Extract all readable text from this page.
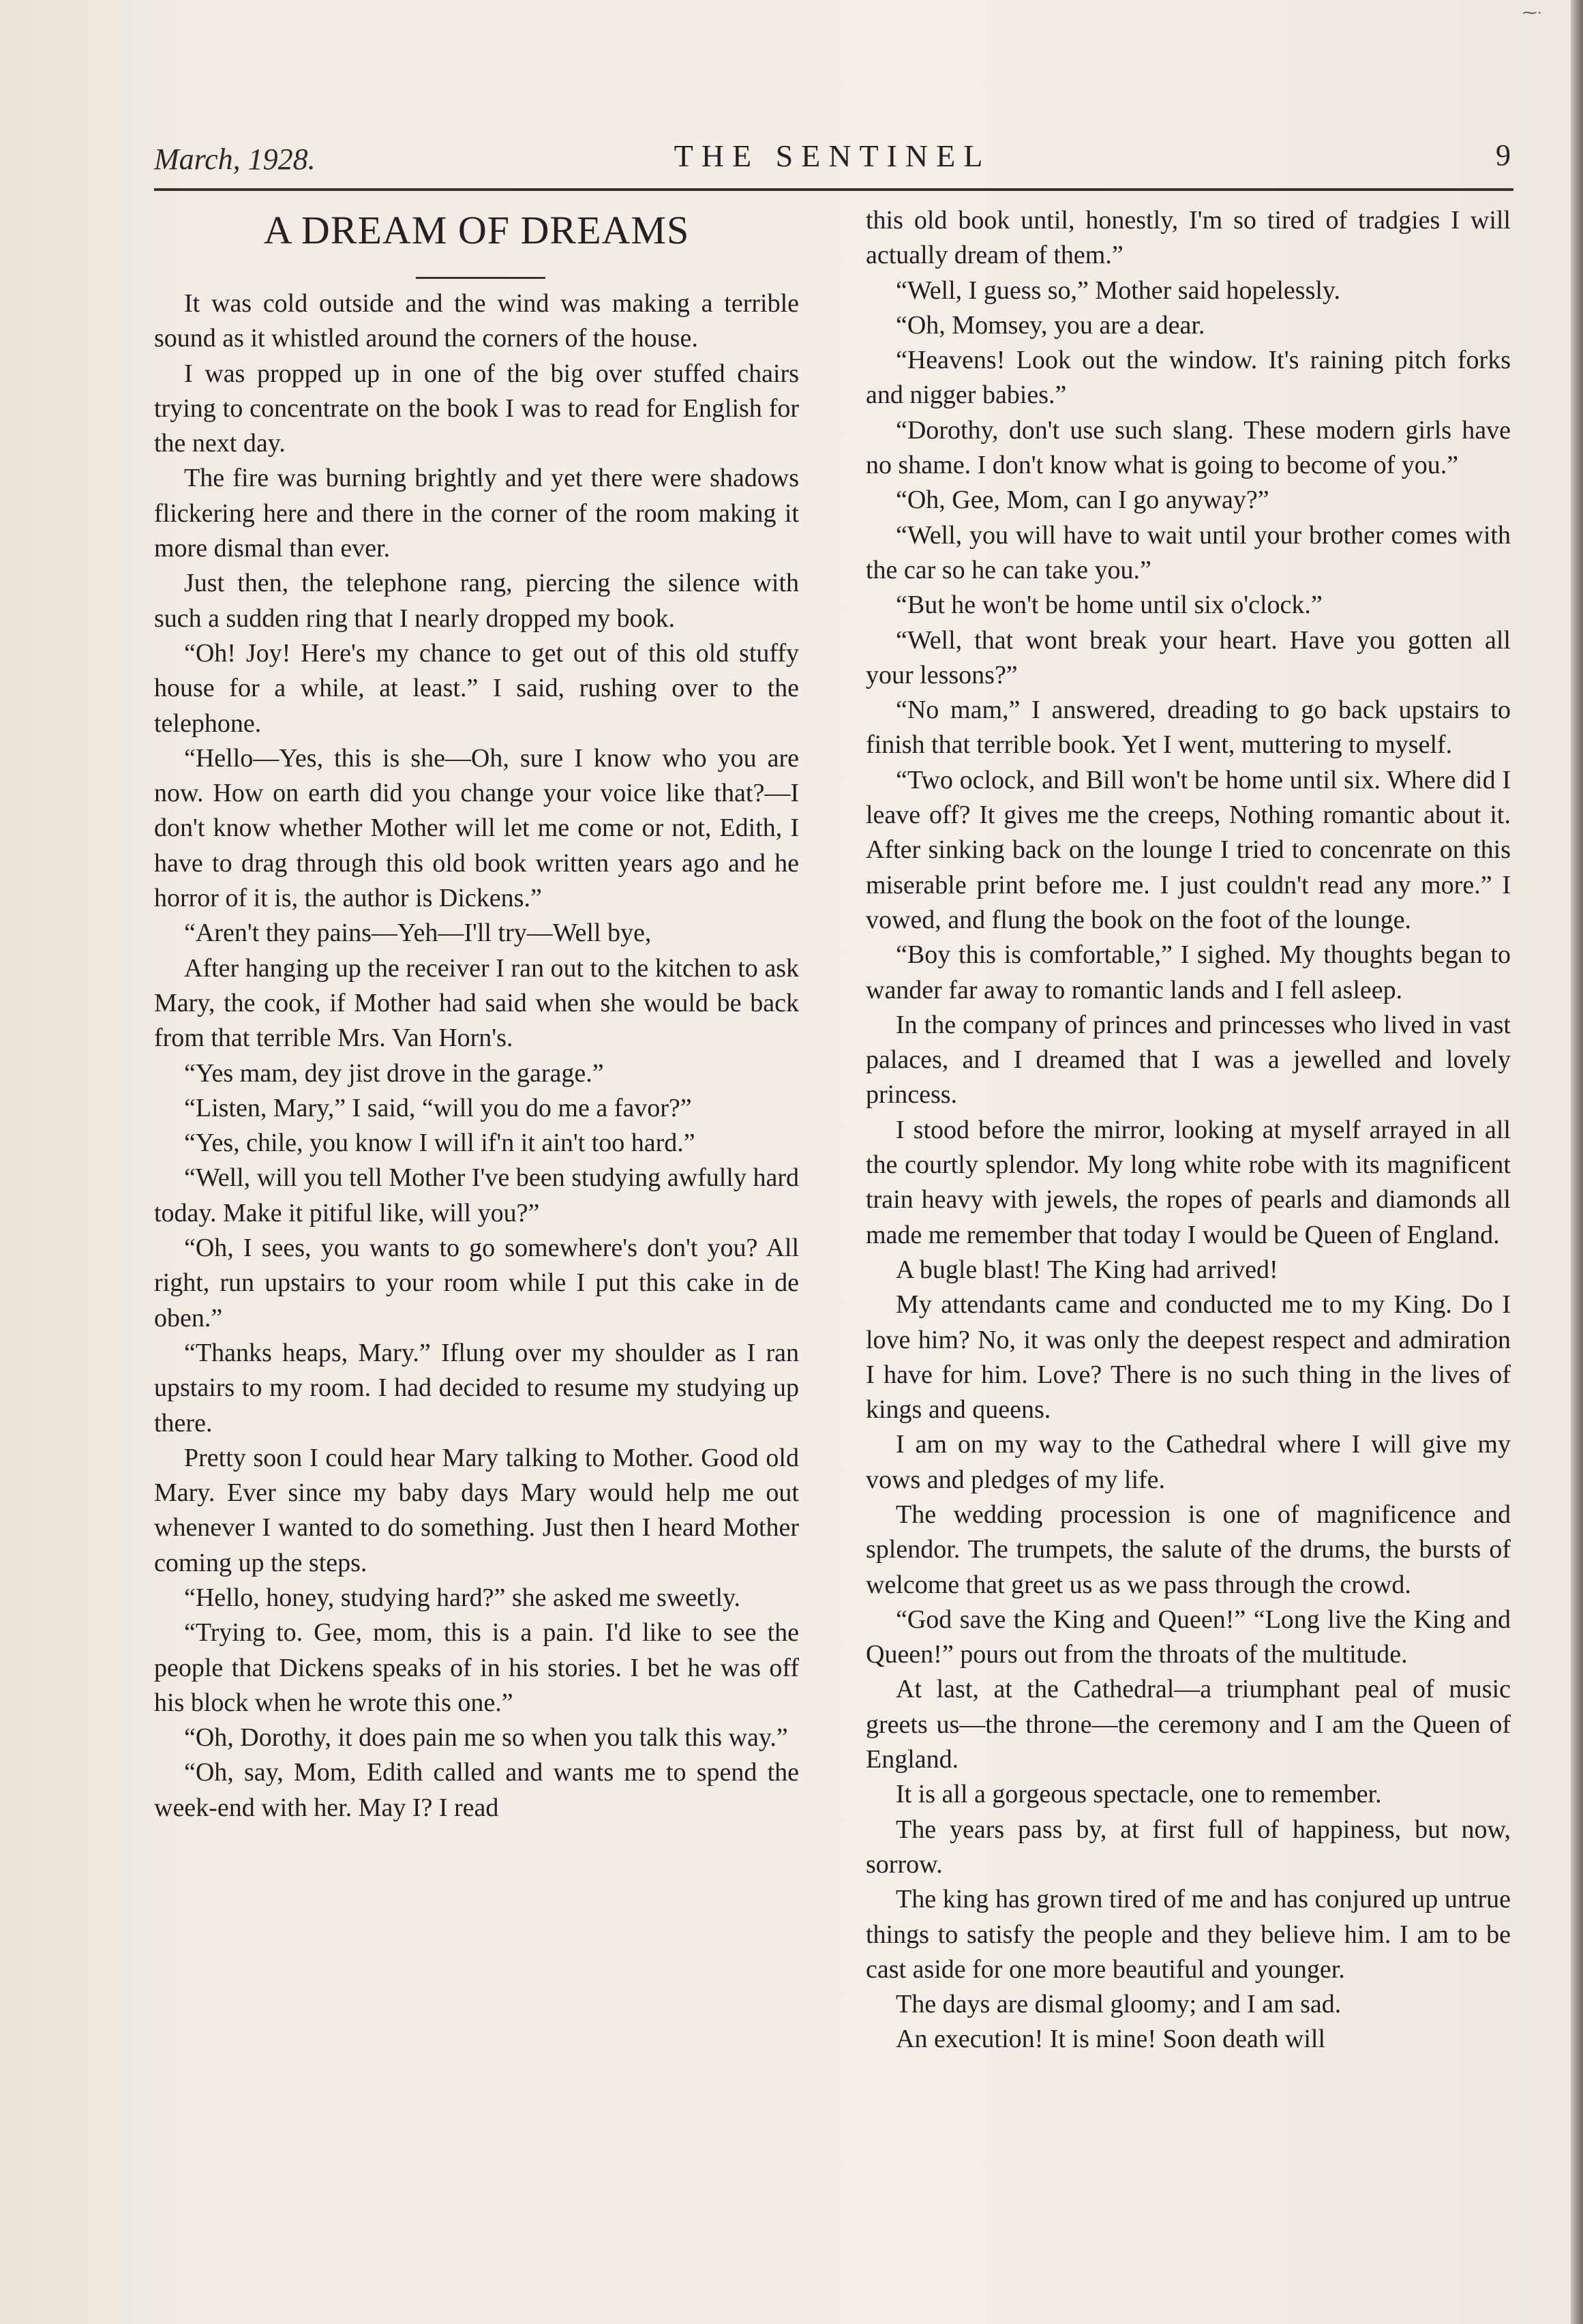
⁓·
March, 1928.	THE SENTINEL	9
A DREAM OF DREAMS

It was cold outside and the wind was making a terrible sound as it whistled around the corners of the house.

I was propped up in one of the big over stuffed chairs trying to concentrate on the book I was to read for English for the next day.

The fire was burning brightly and yet there were shadows flickering here and there in the corner of the room making it more dismal than ever.

Just then, the telephone rang, piercing the silence with such a sudden ring that I nearly dropped my book.

“Oh! Joy! Here's my chance to get out of this old stuffy house for a while, at least.” I said, rushing over to the telephone.

“Hello—Yes, this is she—Oh, sure I know who you are now. How on earth did you change your voice like that?—I don't know whether Mother will let me come or not, Edith, I have to drag through this old book written years ago and he horror of it is, the author is Dickens.”

“Aren't they pains—Yeh—I'll try—Well bye,

After hanging up the receiver I ran out to the kitchen to ask Mary, the cook, if Mother had said when she would be back from that terrible Mrs. Van Horn's.

“Yes mam, dey jist drove in the garage.”

“Listen, Mary,” I said, “will you do me a favor?”

“Yes, chile, you know I will if'n it ain't too hard.”

“Well, will you tell Mother I've been studying awfully hard today. Make it pitiful like, will you?”

“Oh, I sees, you wants to go somewhere's don't you? All right, run upstairs to your room while I put this cake in de oben.”

“Thanks heaps, Mary.” Iflung over my shoulder as I ran upstairs to my room. I had decided to resume my studying up there.

Pretty soon I could hear Mary talking to Mother. Good old Mary. Ever since my baby days Mary would help me out whenever I wanted to do something. Just then I heard Mother coming up the steps.

“Hello, honey, studying hard?” she asked me sweetly.

“Trying to. Gee, mom, this is a pain. I'd like to see the people that Dickens speaks of in his stories. I bet he was off his block when he wrote this one.”

“Oh, Dorothy, it does pain me so when you talk this way.”

“Oh, say, Mom, Edith called and wants me to spend the week-end with her. May I? I read

this old book until, honestly, I'm so tired of tradgies I will actually dream of them.”

“Well, I guess so,” Mother said hopelessly.

“Oh, Momsey, you are a dear.

“Heavens! Look out the window. It's raining pitch forks and nigger babies.”

“Dorothy, don't use such slang. These modern girls have no shame. I don't know what is going to become of you.”

“Oh, Gee, Mom, can I go anyway?”

“Well, you will have to wait until your brother comes with the car so he can take you.”

“But he won't be home until six o'clock.”

“Well, that wont break your heart. Have you gotten all your lessons?”

“No mam,” I answered, dreading to go back upstairs to finish that terrible book. Yet I went, muttering to myself.

“Two oclock, and Bill won't be home until six. Where did I leave off? It gives me the creeps, Nothing romantic about it. After sinking back on the lounge I tried to concenrate on this miserable print before me. I just couldn't read any more.” I vowed, and flung the book on the foot of the lounge.

“Boy this is comfortable,” I sighed. My thoughts began to wander far away to romantic lands and I fell asleep.

In the company of princes and princesses who lived in vast palaces, and I dreamed that I was a jewelled and lovely princess.

I stood before the mirror, looking at myself arrayed in all the courtly splendor. My long white robe with its magnificent train heavy with jewels, the ropes of pearls and diamonds all made me remember that today I would be Queen of England.

A bugle blast! The King had arrived!

My attendants came and conducted me to my King. Do I love him? No, it was only the deepest respect and admiration I have for him. Love? There is no such thing in the lives of kings and queens.

I am on my way to the Cathedral where I will give my vows and pledges of my life.

The wedding procession is one of magnificence and splendor. The trumpets, the salute of the drums, the bursts of welcome that greet us as we pass through the crowd.

“God save the King and Queen!” “Long live the King and Queen!” pours out from the throats of the multitude.

At last, at the Cathedral—a triumphant peal of music greets us—the throne—the ceremony and I am the Queen of England.

It is all a gorgeous spectacle, one to remember.

The years pass by, at first full of happiness, but now, sorrow.

The king has grown tired of me and has conjured up untrue things to satisfy the people and they believe him. I am to be cast aside for one more beautiful and younger.

The days are dismal gloomy; and I am sad.

An execution! It is mine! Soon death will
